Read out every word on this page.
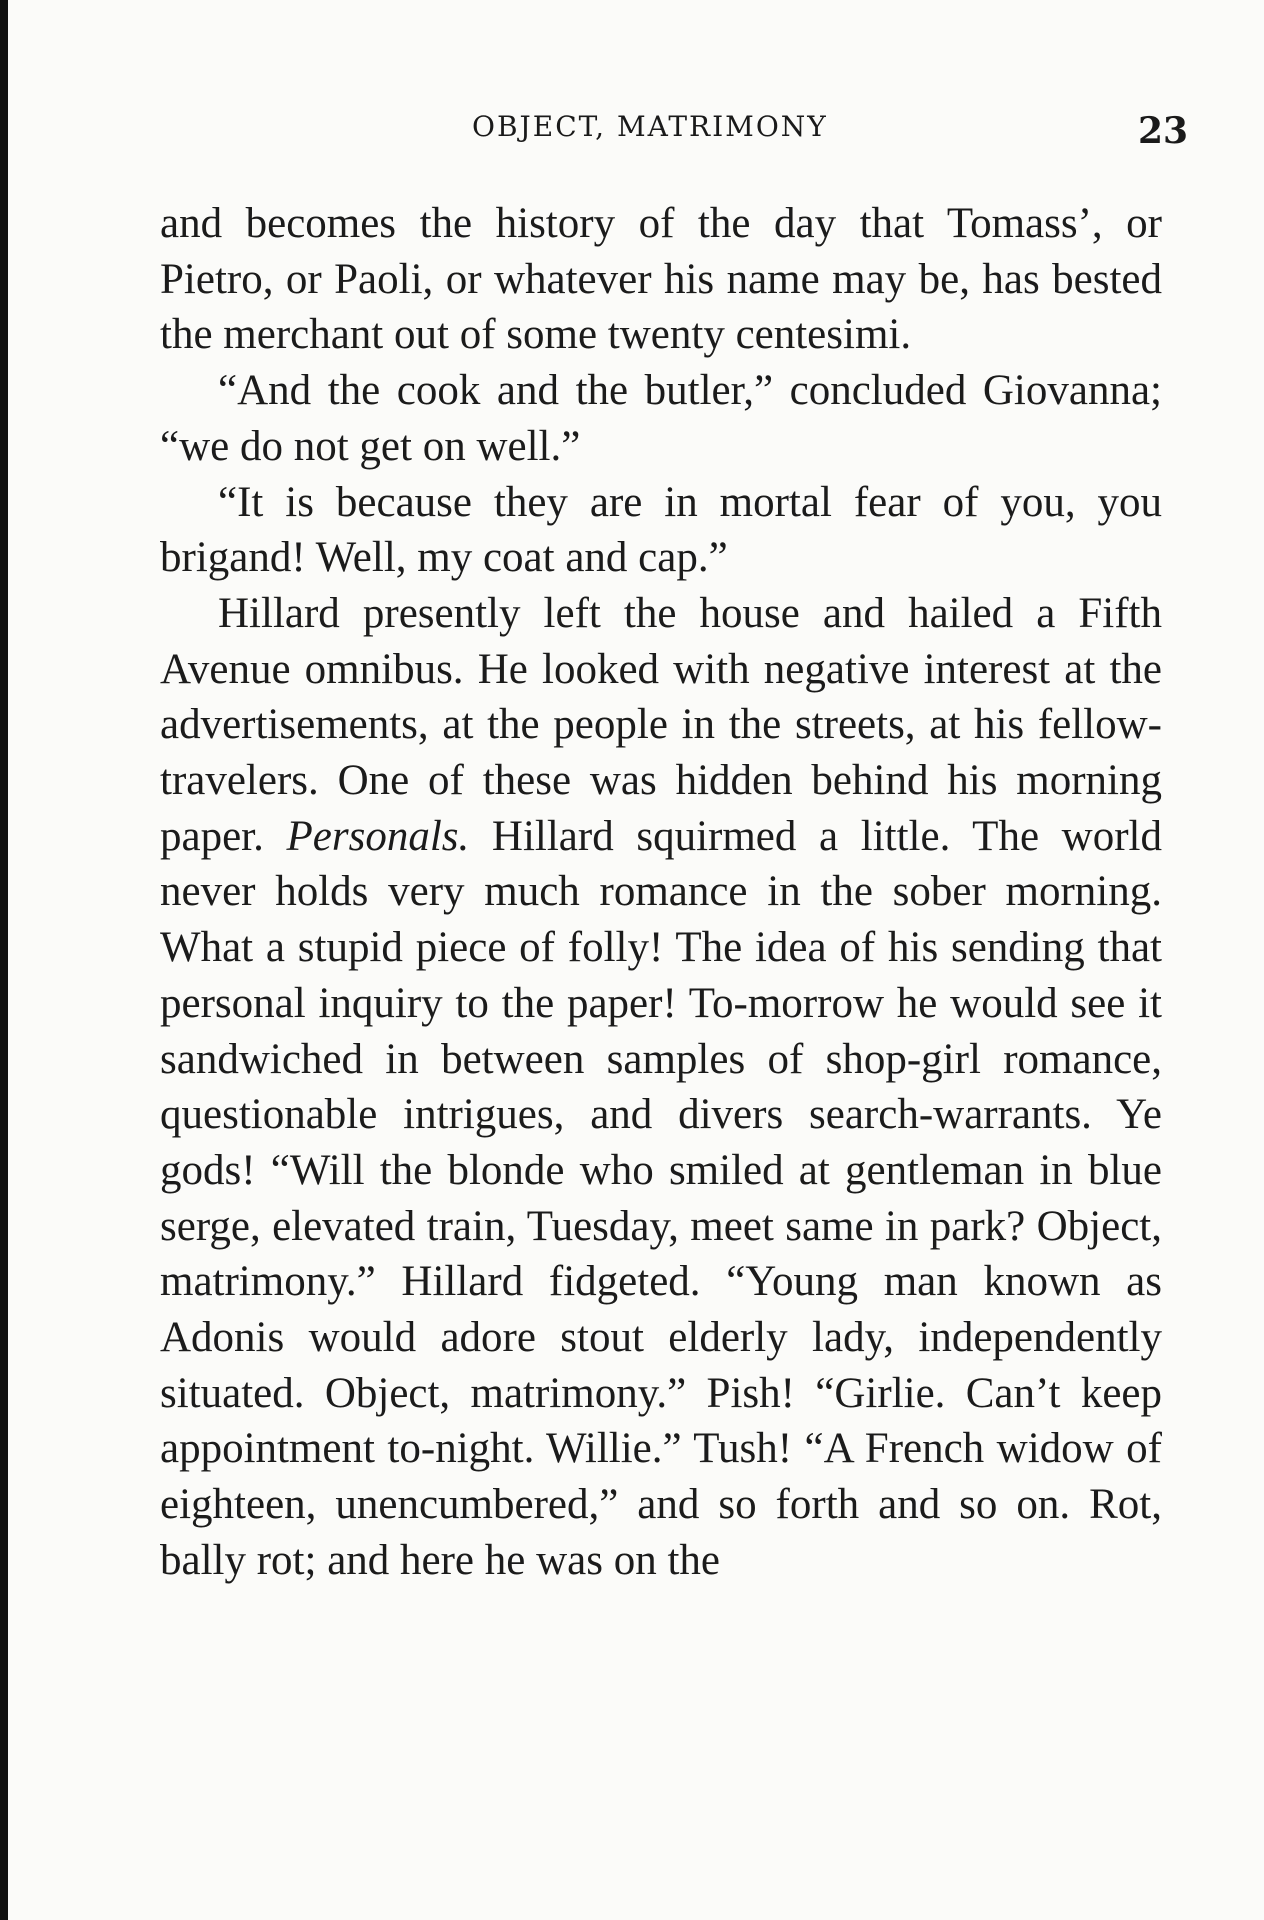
OBJECT, MATRIMONY	23

and becomes the history of the day that Tomass’, or Pietro, or Paoli, or whatever his name may be, has bested the merchant out of some twenty centesimi.

“And the cook and the butler,” concluded Giovanna; “we do not get on well.”

“It is because they are in mortal fear of you, you brigand! Well, my coat and cap.”

Hillard presently left the house and hailed a Fifth Avenue omnibus. He looked with negative interest at the advertisements, at the people in the streets, at his fellow-travelers. One of these was hidden behind his morning paper. Personals. Hillard squirmed a little. The world never holds very much romance in the sober morning. What a stupid piece of folly! The idea of his sending that personal inquiry to the paper! To-morrow he would see it sandwiched in between samples of shop-girl romance, questionable intrigues, and divers search-warrants. Ye gods! “Will the blonde who smiled at gentleman in blue serge, elevated train, Tuesday, meet same in park? Object, matrimony.” Hillard fidgeted. “Young man known as Adonis would adore stout elderly lady, independently situated. Object, matrimony.” Pish! “Girlie. Can’t keep appointment to-night. Willie.” Tush! “A French widow of eighteen, unencumbered,” and so forth and so on. Rot, bally rot; and here he was on the
